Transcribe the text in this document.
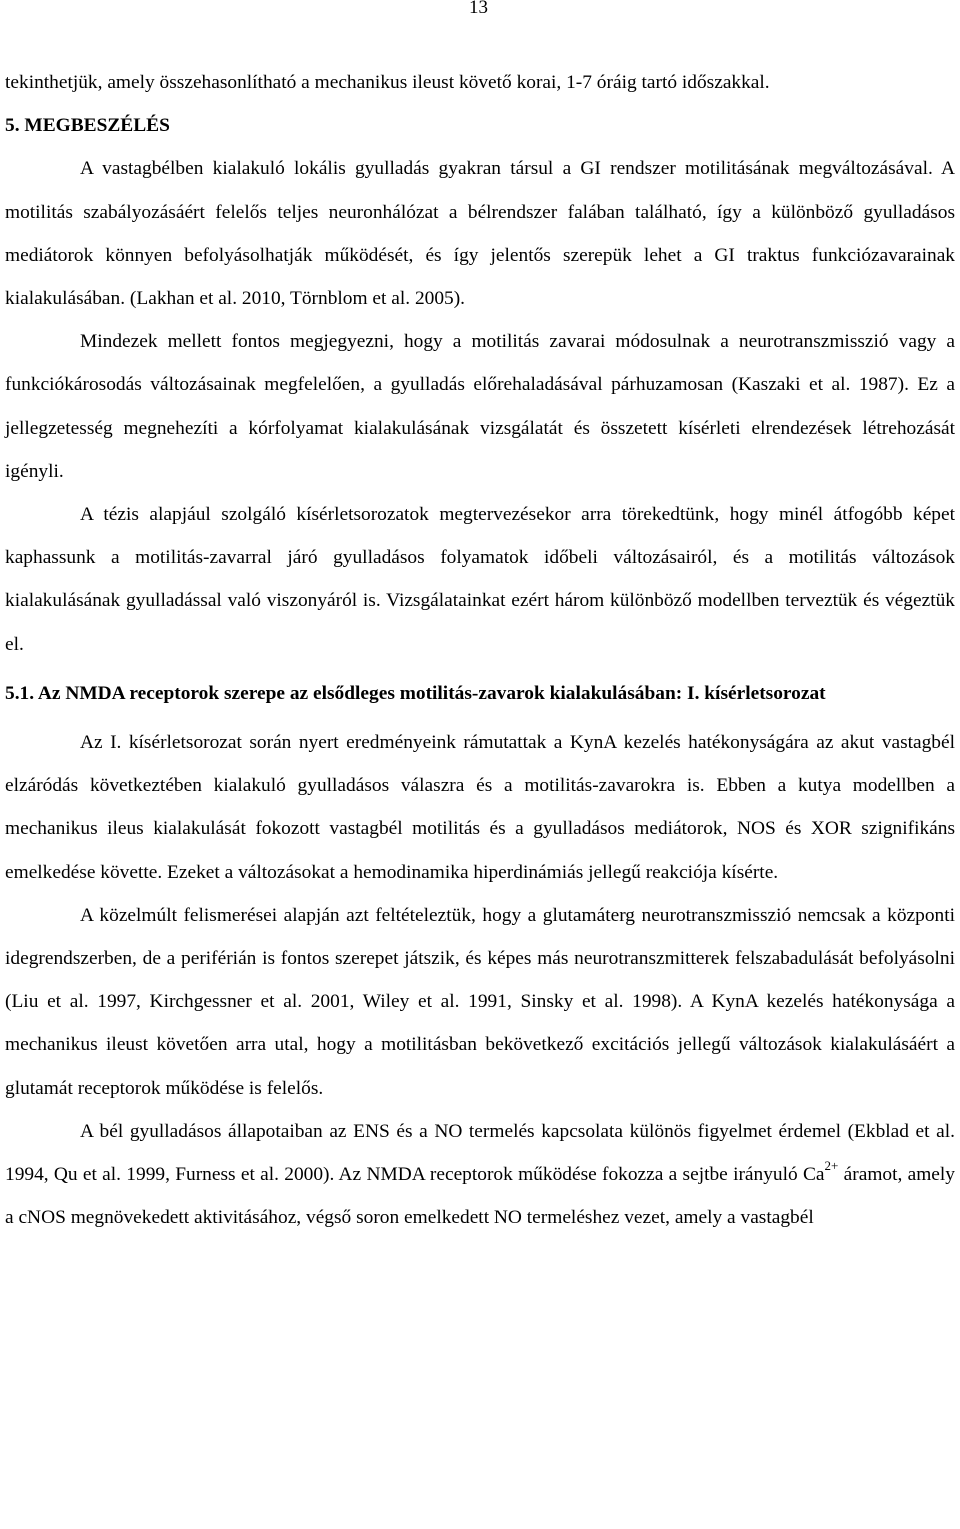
13

tekinthetjük, amely összehasonlítható a mechanikus ileust követő korai, 1-7 óráig tartó időszakkal.

5. MEGBESZÉLÉS

A vastagbélben kialakuló lokális gyulladás gyakran társul a GI rendszer motilitásának megváltozásával. A motilitás szabályozásáért felelős teljes neuronhálózat a bélrendszer falában található, így a különböző gyulladásos mediátorok könnyen befolyásolhatják működését, és így jelentős szerepük lehet a GI traktus funkciózavarainak kialakulásában. (Lakhan et al. 2010, Törnblom et al. 2005).

Mindezek mellett fontos megjegyezni, hogy a motilitás zavarai módosulnak a neurotranszmisszió vagy a funkciókárosodás változásainak megfelelően, a gyulladás előrehaladásával párhuzamosan (Kaszaki et al. 1987). Ez a jellegzetesség megnehezíti a kórfolyamat kialakulásának vizsgálatát és összetett kísérleti elrendezések létrehozását igényli.

A tézis alapjául szolgáló kísérletsorozatok megtervezésekor arra törekedtünk, hogy minél átfogóbb képet kaphassunk a motilitás-zavarral járó gyulladásos folyamatok időbeli változásairól, és a motilitás változások kialakulásának gyulladással való viszonyáról is. Vizsgálatainkat ezért három különböző modellben terveztük és végeztük el.

5.1. Az NMDA receptorok szerepe az elsődleges motilitás-zavarok kialakulásában: I. kísérletsorozat

Az I. kísérletsorozat során nyert eredményeink rámutattak a KynA kezelés hatékonyságára az akut vastagbél elzáródás következtében kialakuló gyulladásos válaszra és a motilitás-zavarokra is. Ebben a kutya modellben a mechanikus ileus kialakulását fokozott vastagbél motilitás és a gyulladásos mediátorok, NOS és XOR szignifikáns emelkedése követte. Ezeket a változásokat a hemodinamika hiperdinámiás jellegű reakciója kísérte.

A közelmúlt felismerései alapján azt feltételeztük, hogy a glutamáterg neurotranszmisszió nemcsak a központi idegrendszerben, de a periférián is fontos szerepet játszik, és képes más neurotranszmitterek felszabadulását befolyásolni (Liu et al. 1997, Kirchgessner et al. 2001, Wiley et al. 1991, Sinsky et al. 1998). A KynA kezelés hatékonysága a mechanikus ileust követően arra utal, hogy a motilitásban bekövetkező excitációs jellegű változások kialakulásáért a glutamát receptorok működése is felelős.

A bél gyulladásos állapotaiban az ENS és a NO termelés kapcsolata különös figyelmet érdemel (Ekblad et al. 1994, Qu et al. 1999, Furness et al. 2000). Az NMDA receptorok működése fokozza a sejtbe irányuló $Ca^{2+}$ áramot, amely a cNOS megnövekedett aktivitásához, végső soron emelkedett NO termeléshez vezet, amely a vastagbél
